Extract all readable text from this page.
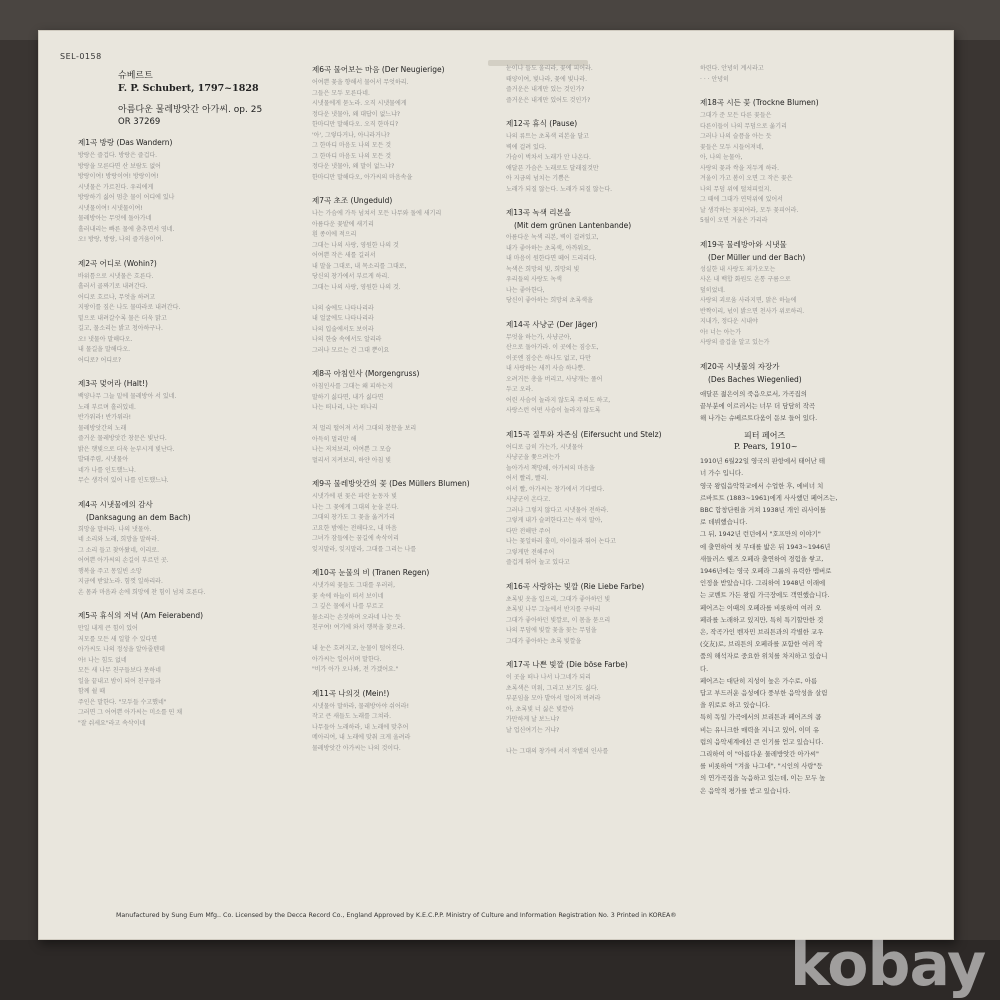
SEL-0158
슈베르트
F. P. Schubert, 1797~1828
아름다운 물레방앗간 아가씨. op. 25
OR 37269
제1곡 방랑 (Das Wandern)
방랑은 즐겁다. 방랑은 즐겁다.
방랑을 모른다면 산 보람도 없어
방랑이여! 방랑이여! 방랑이여!
시냇물은 가르친다. 우리에게
방랑하기 싫어 멈춘 물이 어디에 있나
시냇물이여! 시냇물이여!
물레방아는 무엇에 돌아가네
흘러내리는 빠른 물에 춤추면서 영네.
오! 방랑, 방랑, 나의 즐거움이여.
제2곡 어디로 (Wohin?)
바위틈으로 시냇물은 흐른다.
흘러서 골짜기로 내려간다.
어디로 흐르나, 무엇을 하려고
지팡이를 짚은 나도 물따라로 내려간다.
밑으로 내려갈수록 물은 더욱 맑고
길고, 물소리는 밝고 청아하구나.
오! 냇물아 말해다오.
내 물길을 말해다오.
어디로? 어디로?
제3곡 멎어라 (Halt!)
백양나무 그늘 밑에 물레방아 서 있네.
노래 부르며 흘러있네.
반가워라! 반가워라!
물레방앗간의 노래
즐거운 물레방앗간 창문은 빛난다.
밝은 햇빛으로 더욱 눈부시게 빛난다.
발돼주렴, 시냇물아
네가 나를 인도했느냐.
무슨 생각이 있어 나를 인도했느냐.
제4곡 시냇물에의 감사
(Danksagung an dem Bach)
희망을 말하라. 나의 냇물아.
네 소리와 노래, 희망을 말하라.
그 소리 들고 찾아왔네, 이리로.
어여쁜 아가씨의 손길이 부르던 곳.
행복을 주고 몽일빈 소망
지금에 받았노라. 힘껏 일하리라.
온 몸과 마음과 손에 희망에 찬 힘이 넘쳐 흐른다.
제5곡 휴식의 저녁 (Am Feierabend)
만일 내게 큰 힘이 있어
저모를 모든 새 일할 수 있다면
아가씨도 나의 정성을 알아줄텐데
아! 나는 힘도 없네
모든 새 나무 친구들보다 못하네
일을 끝내고 밤이 되어 친구들과
함께 쉴 때
주인은 말한다. "모두들 수고했네"
그러면 그 어여쁜 아가씨는 미소를 띤 채
"잘 쉬세요"라고 속삭이네
제6곡 물어보는 마음 (Der Neugierige)
어여쁜 꽃을 향해서 물어서 무엇하리.
그들은 모두 모른다네.
시냇물에게 묻노라. 오직 시냇물에게
정다운 냇물아, 왜 대답이 없느냐?
한마디만 말해다오. 오직 한마디?
'아', 그렇다거나, 아니라거나?
그 한마디 마음도 나의 모든 것
그 한마디 마음도 나의 모든 것
정다운 냇물아, 왜 말이 없느냐?
한마디만 말해다오, 아가씨의 마음속을
제7곡 초조 (Ungeduld)
나는 가슴에 가득 넘쳐서 모든 나무와 돌에 새기리
아름다운 꽃밭에 새기리
흰 종이에 적으리
그대는 나의 사랑, 영원한 나의 것
어여쁜 작은 새를 길러서
내 말을 그대로, 내 목소리를 그대로,
당신의 창가에서 부르게 하리.
그대는 나의 사랑, 영원한 나의 것.

나의 숨에도 나타나리라
내 얼굴에도 나타나리라
나의 입술에서도 보이라
나의 한숨 속에서도 알리라
그러나 모르는 건 그대 뿐이요
제8곡 아침인사 (Morgengruss)
아침인사를 그대는 왜 피하는지
말하기 싫다면, 내가 싫다면
나는 떠나리, 나는 떠나리

저 멀리 떨어져 서서 그대의 창문을 보리
아득히 멀리만 해
나는 저쳐보리, 어여쁜 그 모습
멀리서 지켜보리, 하얀 아침 빛
제9곡 물레방앗간의 꽃 (Des Müllers Blumen)
시냇가에 핀 꽃은 파란 눈동자 빛
나는 그 꽃에게 그대의 눈을 본다.
그대의 창가도 그 꽃을 옮겨가리
고요한 밤에는 전해다오, 내 마음
그녀가 잠들에는 꿈길에 속삭이리
잊지말라, 잊지말라, 그대를 그리는 나를
제10곡 눈물의 비 (Tranen Regen)
시냇가의 꽃들도 그대를 우러러,
꽃 속에 하늘이 떠서 보이네
그 깊은 물에서 나를 부르고
물소리는 손짓하며 오라네 나는 듯
친구여! 여기에 와서 행복을 찾으라.

내 눈은 흐려지고, 눈물이 떨어진다.
아가씨는 일어서며 말한다.
"비가 아가 오나봐, 전 가겠어요."
제11곡 나의것 (Mein!)
시냇물아 말하라, 물레방아야 쉬어라!
작고 큰 새들도 노래를 그쳐라.
나무들아 노래하라, 내 노래에 맞추어
메아리여, 내 노래에 맞춰 크게 울려라
물레방앗간 아가씨는 나의 것이다.
눈이나 들도 울리라, 꽃에 피어라.
태양이여, 빛나라, 꽃에 빛나라.
즐거운은 내게만 있는 것인가?
즐거운은 내게만 있어도 것인가?
제12곡 휴식 (Pause)
나의 류트는 초록색 리본을 달고
벽에 걸려 있다.
가슴이 벅차서 노래가 안 나온다.
애달픈 가슴은 노래로도 달래질것만
아 지금의 넘치는 기쁨은
노래가 되질 않는다. 노래가 되질 않는다.
제13곡 녹색 리본을
(Mit dem grünen Lantenbande)
아름다운 녹색 리본, 벽이 걸려있고,
내가 좋아하는 초록색, 아까워요,
내 마음이 원한다면 떼어 드리리다.
녹색은 희망의 빛, 희망의 빛
우리들의 사랑도 녹색
나는 좋아한다,
당신이 좋아하는 희망의 초록색을
제14곡 사냥군 (Der Jäger)
무엇을 하는가, 사냥군아,
산으로 돌아가라. 이 곳에는 짐승도,
이곳엔 짐승은 하나도 없고, 다만
내 사랑하는 새끼 사슴 하나뿐.
오려거든 총을 버리고, 사냥개는 풀어
두고 오라.
어린 사슴이 놀라지 않도록 주의도 하고,
사랑스런 어떤 사슴이 놀라지 않도록
제15곡 질투와 자존심 (Eifersucht und Stelz)
어디로 급히 가는가, 시냇물아
사냥군을 쫓으려는가
놀아가서 책망해, 아가씨의 마음을
어서 빨리, 빨리.
어서 빨, 아가씨는 창가에서 기다렸다.
사냥군이 온다고.
그러나 그렇지 않다고 시냇물아 전하라.
그렇게 내가 슬퍼한다고는 하지 말아,
다만 전해만 주어
나는 꽃일하러 훌미, 아이들과 뛰어 논다고
그렇게만 전해주어
즐겁게 뛰어 놀고 있다고
제16곡 사랑하는 빛깔 (Rie Liebe Farbe)
초록빛 옷을 입으리, 그대가 좋아하던 빛
초록빛 나무 그늘에서 반지를 구하리
그대가 좋아하던 빛깔로, 이 몸을 묻으리
나의 무덤에 빛깔 꽃을 꽂는 무덤을
그대가 좋아하는 초록 빛깔을
제17곡 나쁜 빛깔 (Die böse Farbe)
이 곳을 떠나 나서 나그네가 되리
초록색은 미워, 그리고 보기도 싫다.
부푼임을 모아 발아서 멀어져 버려라
아, 초록빛 너 싫은 빛깔아
가만하게 날 보느냐?
날 업신여기는 거냐?

나는 그대의 창가에 서서 작별의 인사를
하련다. 안녕히 계시라고
· · · 안녕히
제18곡 시든 꽃 (Trockne Blumen)
그대가 준 모든 다른 꽃들은
다른이들이 나의 무덤으로 옮기리
그러나 나의 슬픔을 아는 듯
꽃들은 모두 시들어져네,
아, 나의 눈물아,
사랑의 꽃과 싹을 저두게 하라.
겨울이 가고 봄이 오면 그 작은 꽃은
나의 무덤 위에 떨쳐피렀지.
그 때에 그대가 연덕위에 있어서
날 생각하는 꽃피어라, 모두 꽃피어라.
5월이 오면 겨울은 가리라
제19곡 물레방아와 시냇물
(Der Müller und der Bach)
성실한 내 사랑도 죄가오모는
사온 내 백합 화원도 온통 구름으로
덮히었네.
사랑의 괴로움 사라지면, 맑은 하늘에
반짝이리, 넋이 밝으면 천사가 위로하리.
지내가, 정다운 시내야
아! 너는 아는가
사랑의 즐겁을 알고 있는가
제20곡 시냇물의 자장가
(Des Baches Wiegenlied)
애달픈 젊은이의 죽음으로서, 가곡집의
끝부분에 이르러서는 너무 더 담담히 작곡
해 나가는 슈베르트다움이 돋보 들어 있다.
피터 페어즈
P. Pears, 1910~
1910년 6월22일 영국의 판항에서 태어난 테
너 가수 입니다.
영국 왕립음악학교에서 수업한 후, 에비너 치
르바트트 (1883~1961)에게 사사했던 페어즈는,
BBC 합창단원을 거쳐 1938년 개인 리사이틀
로 데뷔했습니다.
그 뒤, 1942년 런던에서 "호프만의 이야기"
에 출연하여 첫 무대를 밟은 뒤 1943~1946년
새들러스 웰즈 오페라 출연하여 경험을 쌓고,
1946년에는 영국 오페라 그룹의 유력한 멤버로
인정을 받았습니다. 그리하여 1948년 이래에
는 코벤트 가든 왕립 가극장에도 객연했습니다.
페어즈는 이때의 오페라를 비롯하여 여러 오
페라를 노래하고 있지만, 특히 특기할만한 것
은, 작곡가인 벤자민 브리튼과의 각별한 교우
(交友)로, 브리튼의 오페라를 포함한 여러 작
품의 해석자로 중요한 위치를 차지하고 있습니
다.
페어즈는 대단히 지성이 높은 가수로, 아름
답고 부드러운 음성에다 풍부한 음악성을 살림
을 위로로 하고 있습니다.
특히 독일 가곡에서의 브리튼과 페어즈의 콤
비는 유니크한 매력을 지니고 있어, 이미 유
럽의 음악세계에선 큰 인기를 얻고 있습니다.
그리하여 이 "아름다운 물레방앗간 아가씨"
를 비롯하여 "겨울 나그네", "시인의 사랑"등
의 연가곡집을 녹음하고 있는데, 이는 모두 높
은 음악적 평가를 받고 있습니다.
Manufactured by Sung Eum Mfg.. Co. Licensed by the Decca Record Co., England Approved by K.E.C.P.P. Ministry of Culture and Information Registration No. 3 Printed in KOREA®
kobay
